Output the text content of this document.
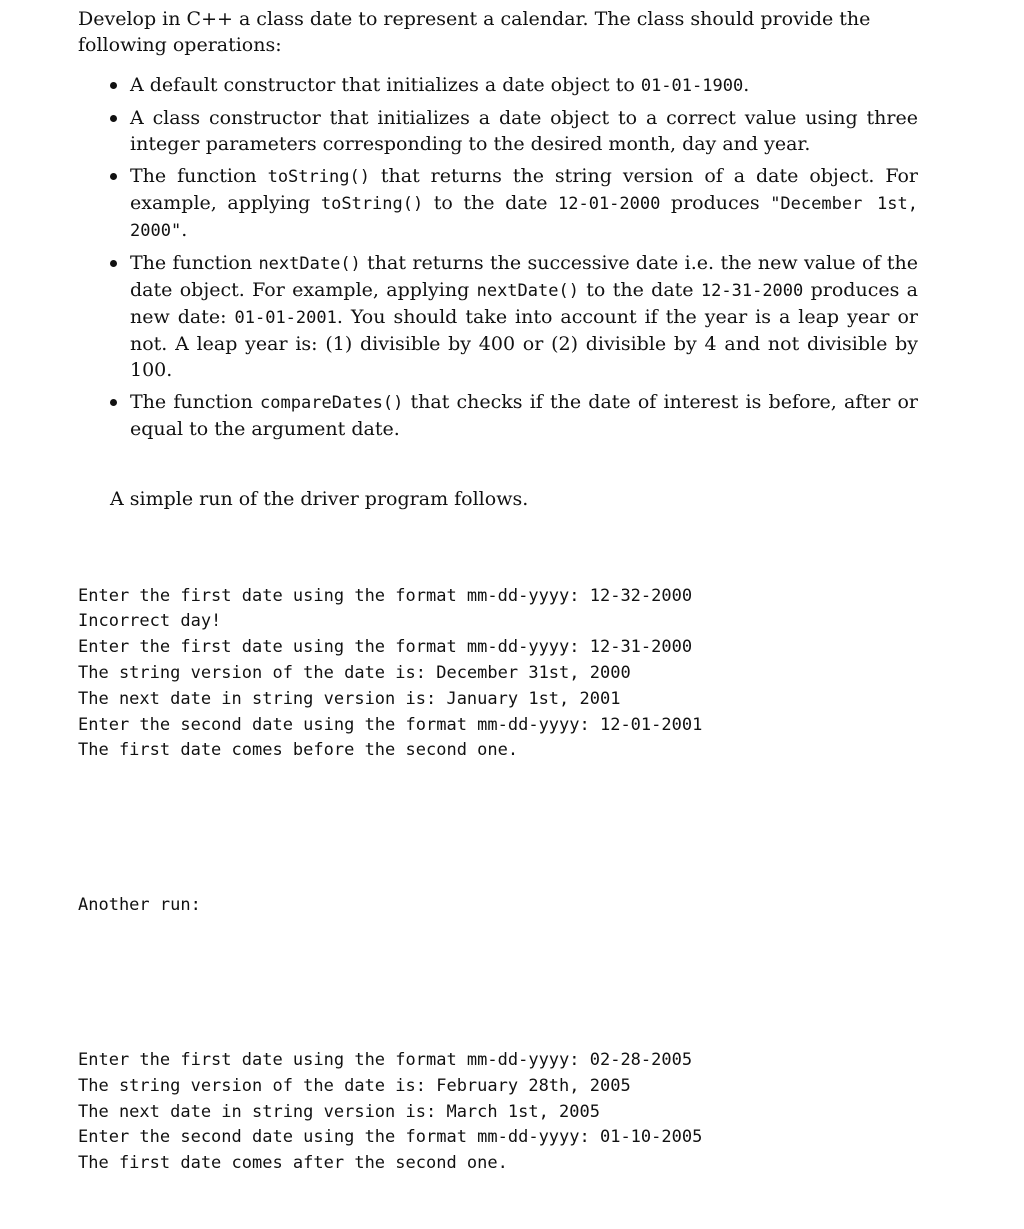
Develop in C++ a class date to represent a calendar. The class should provide the following operations:

A default constructor that initializes a date object to 01-01-1900.
A class constructor that initializes a date object to a correct value using three integer parameters corresponding to the desired month, day and year.
The function toString() that returns the string version of a date object. For example, applying toString() to the date 12-01-2000 produces "December 1st, 2000".
The function nextDate() that returns the successive date i.e. the new value of the date object. For example, applying nextDate() to the date 12-31-2000 produces a new date: 01-01-2001. You should take into account if the year is a leap year or not. A leap year is: (1) divisible by 400 or (2) divisible by 4 and not divisible by 100.
The function compareDates() that checks if the date of interest is before, after or equal to the argument date.

A simple run of the driver program follows.

Enter the first date using the format mm-dd-yyyy: 12-32-2000
Incorrect day!
Enter the first date using the format mm-dd-yyyy: 12-31-2000
The string version of the date is: December 31st, 2000
The next date in string version is: January 1st, 2001
Enter the second date using the format mm-dd-yyyy: 12-01-2001
The first date comes before the second one.

Another run:

Enter the first date using the format mm-dd-yyyy: 02-28-2005
The string version of the date is: February 28th, 2005
The next date in string version is: March 1st, 2005
Enter the second date using the format mm-dd-yyyy: 01-10-2005
The first date comes after the second one.
